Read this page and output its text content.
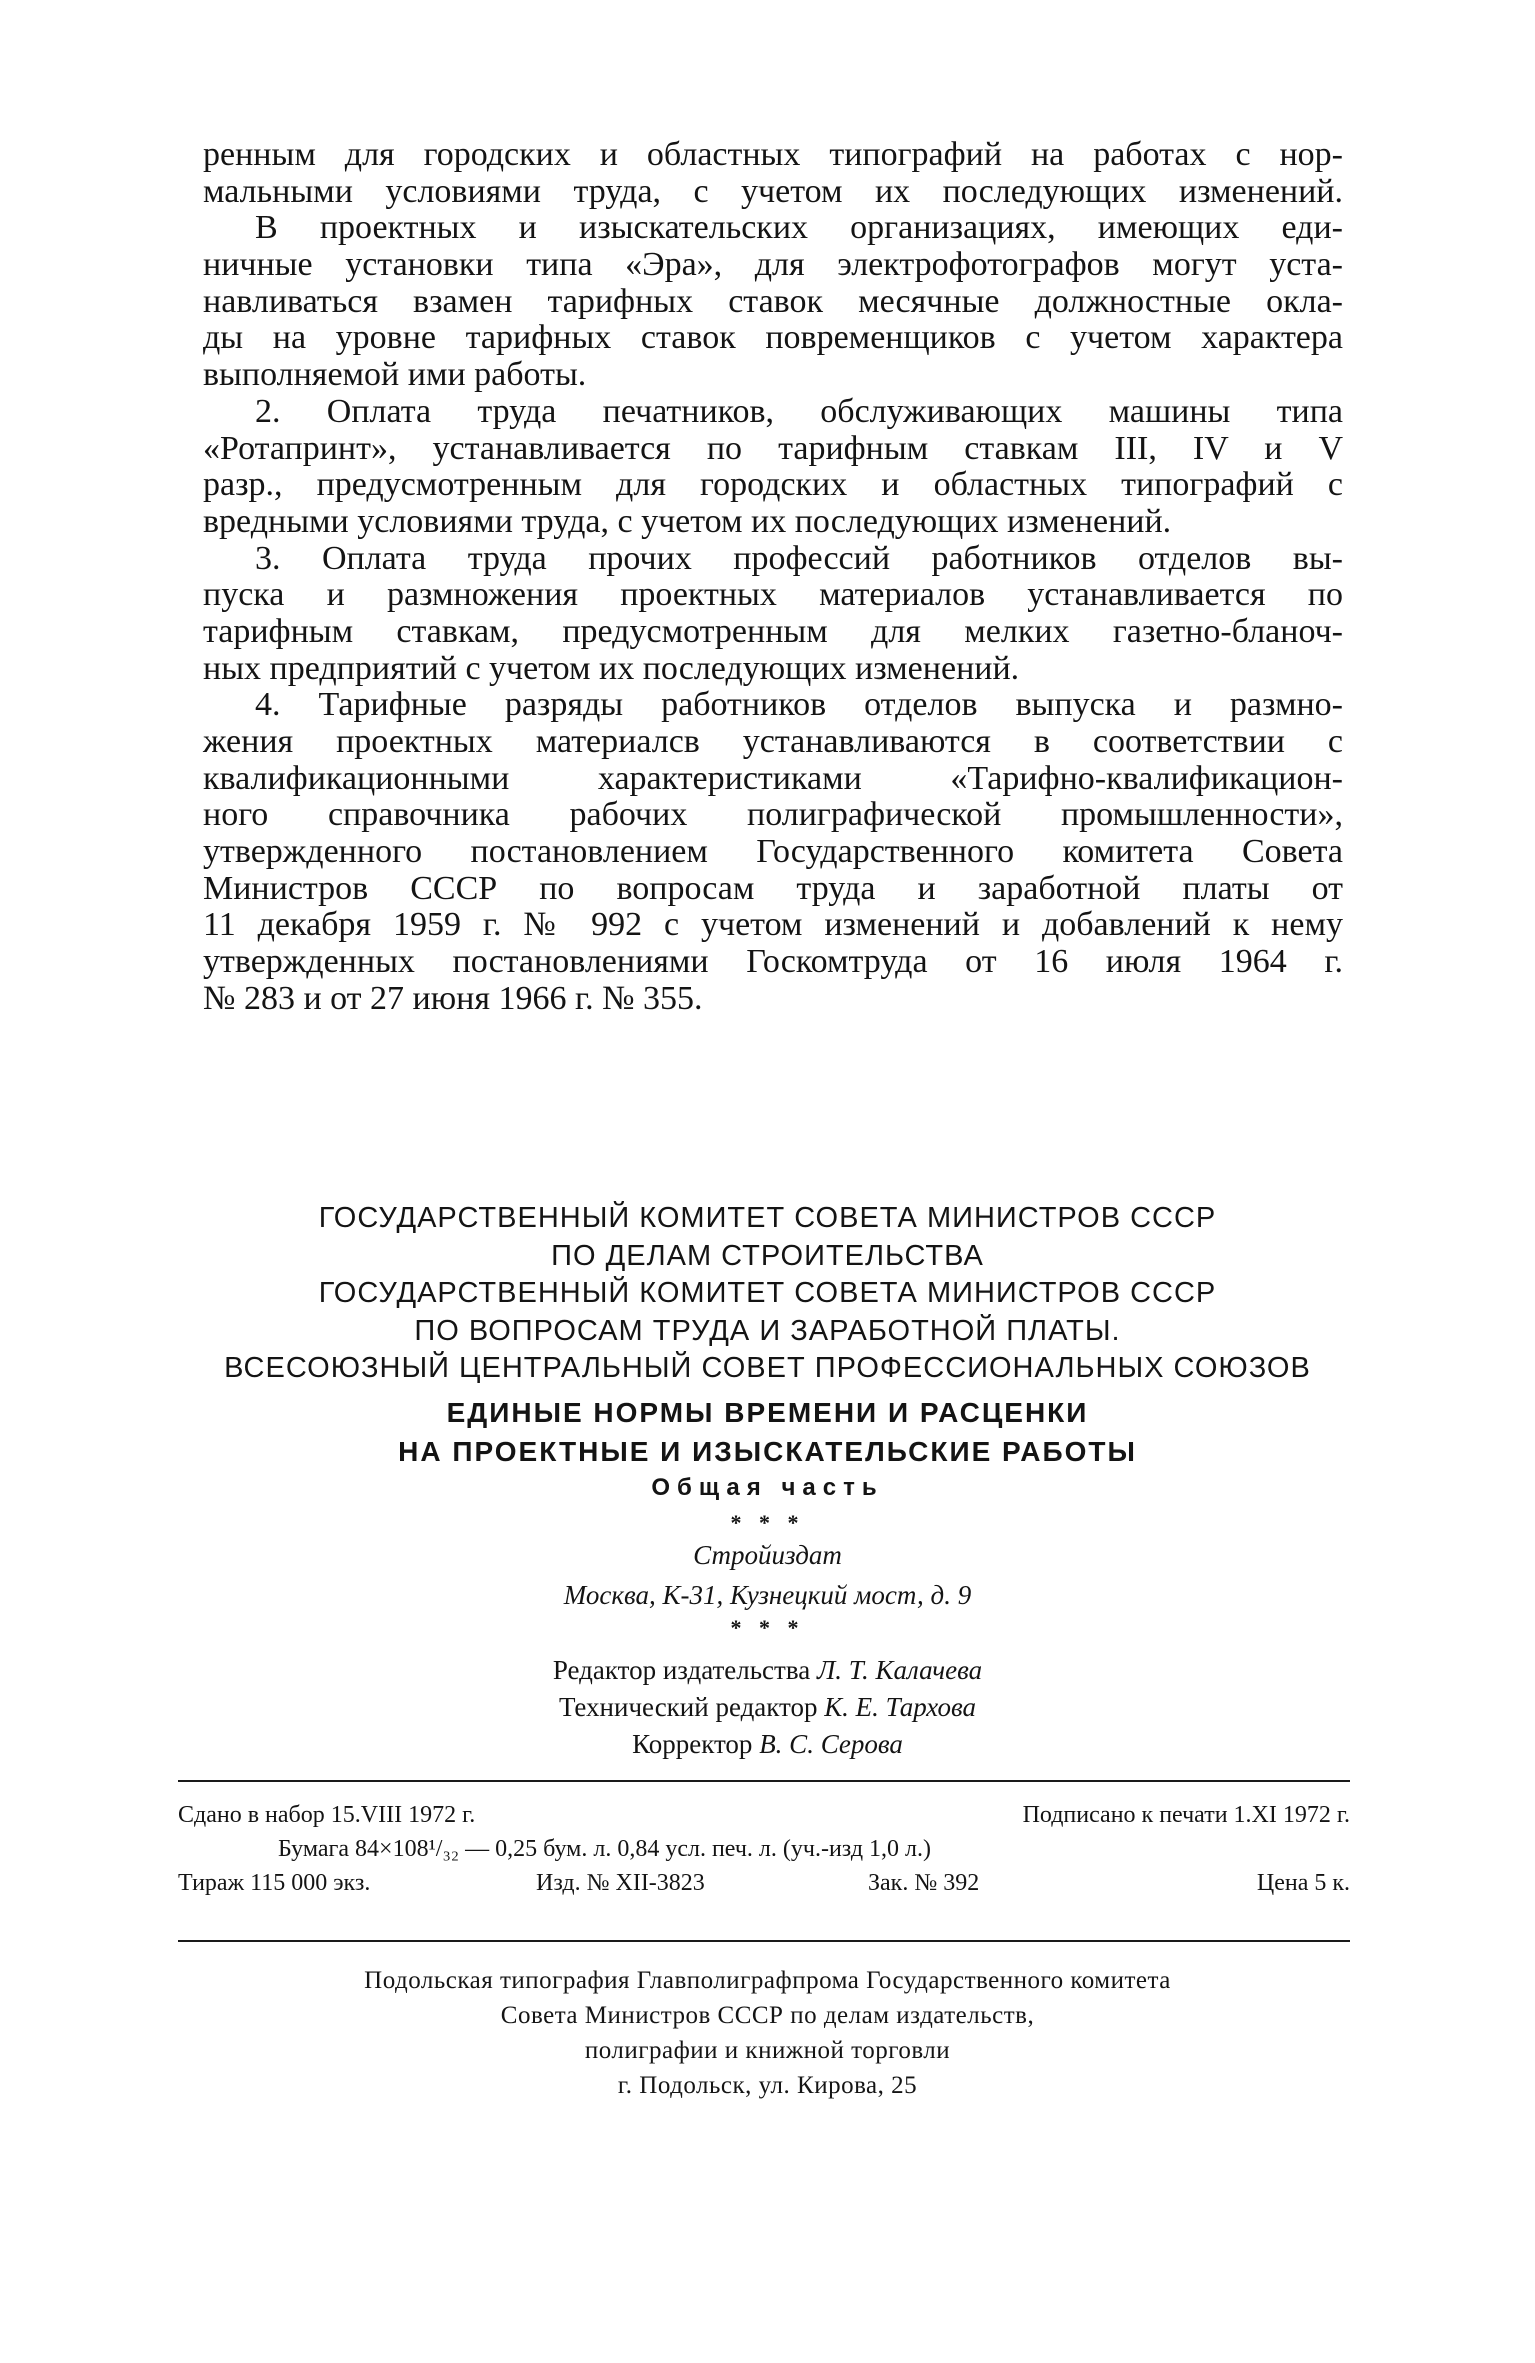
ренным для городских и областных типографий на работах с нор-
мальными условиями труда, с учетом их последующих изменений.
В проектных и изыскательских организациях, имеющих еди-
ничные установки типа «Эра», для электрофотографов могут уста-
навливаться взамен тарифных ставок месячные должностные окла-
ды на уровне тарифных ставок повременщиков с учетом характера
выполняемой ими работы.
2. Оплата труда печатников, обслуживающих машины типа
«Ротапринт», устанавливается по тарифным ставкам III, IV и V
разр., предусмотренным для городских и областных типографий с
вредными условиями труда, с учетом их последующих изменений.
3. Оплата труда прочих профессий работников отделов вы-
пуска и размножения проектных материалов устанавливается по
тарифным ставкам, предусмотренным для мелких газетно-бланоч-
ных предприятий с учетом их последующих изменений.
4. Тарифные разряды работников отделов выпуска и размно-
жения проектных материалсв устанавливаются в соответствии с
квалификационными характеристиками «Тарифно-квалификацион-
ного справочника рабочих полиграфической промышленности»,
утвержденного постановлением Государственного комитета Совета
Министров СССР по вопросам труда и заработной платы от
11 декабря 1959 г. № 992 с учетом изменений и добавлений к нему
утвержденных постановлениями Госкомтруда от 16 июля 1964 г.
№ 283 и от 27 июня 1966 г. № 355.
ГОСУДАРСТВЕННЫЙ КОМИТЕТ СОВЕТА МИНИСТРОВ СССР
ПО ДЕЛАМ СТРОИТЕЛЬСТВА
ГОСУДАРСТВЕННЫЙ КОМИТЕТ СОВЕТА МИНИСТРОВ СССР
ПО ВОПРОСАМ ТРУДА И ЗАРАБОТНОЙ ПЛАТЫ.
ВСЕСОЮЗНЫЙ ЦЕНТРАЛЬНЫЙ СОВЕТ ПРОФЕССИОНАЛЬНЫХ СОЮЗОВ
ЕДИНЫЕ НОРМЫ ВРЕМЕНИ И РАСЦЕНКИ
НА ПРОЕКТНЫЕ И ИЗЫСКАТЕЛЬСКИЕ РАБОТЫ
Общая часть
* * *
Стройиздат
Москва, К-31, Кузнецкий мост, д. 9
* * *
Редактор издательства Л. Т. Калачева
Технический редактор К. Е. Тархова
Корректор В. С. Серова
Сдано в набор 15.VIII 1972 г.	Подписано к печати 1.XI 1972 г.
Бумага 84×108¹/₃₂ — 0,25 бум. л. 0,84 усл. печ. л. (уч.-изд 1,0 л.)
Тираж 115 000 экз.	Изд. № XII-3823	Зак. № 392	Цена 5 к.
Подольская типография Главполиграфпрома Государственного комитета
Совета Министров СССР по делам издательств,
полиграфии и книжной торговли
г. Подольск, ул. Кирова, 25
